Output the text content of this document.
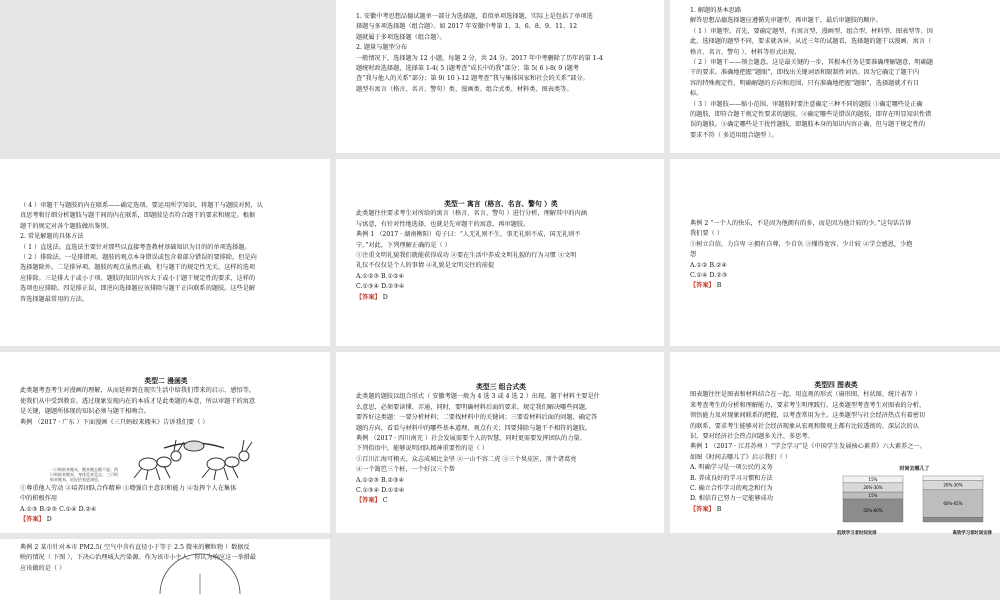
1. 安徽中考思想品德试题单一部分为选择题，看似单项选择题，实际上是包括了单项选

择题与多项选择题（组合题）。如 2017 年安徽中考第 1、3、6、8、9、11、12

题就属于多项选择题（组合题）。

2. 题量与题型分布

一般情况下，选择题为 12 小题，每题 2 分，共 24 分。2017 年中考删除了历年的第 1-4

题统时政选择题，选择第 1-4( 5 )题考查“成长中的我”部分；第 5( 6 )-8( 9 )题考

查“我与他人的关系”部分；第 9( 10 )-12 题考查“我与集体国家和社会的关系”部分。

题型有寓言（格言、名言、警句）类、漫画类、组合式类、材料类、图表类等。

1. 解题的基本思路

解答思想品德选择题应遵循先审题型、再审题干，最后审题肢的顺序。

（ 1 ）审题型。首先，要确定题型，有寓言型、漫画型、组合型、材料型、图表型等。因

此，选择题的题型不同，要求就各异，从近三年的试题看，选择题的题干以漫画、寓言（

格言、名言、警句 ）、材料等形式出现。

（ 2 ）审题干——领会题意。这是最关键的一步，其根本任务是要准确理解题意，明确题

干的要求。准确地把握“题眼”，即找出关键词语和限制性词语。因为它确定了题干内

容的特殊规定性，明确解题的方向和范围，只有准确地把握“题眼”，选择题就才有目

标。

（ 3 ）审题肢——缩小范围。审题肢时要注意确定三种不同的题肢 ①确定哪些是正确

的题肢，即符合题干规定性要求的题肢。②确定哪些是错误的题肢，即存在明显知识性错

误的题肢。③确定哪些是干扰性题肢，即题肢本身的知识内容正确，但与题干规定性的

要求不符（ 多适用组合题型 ）。

（ 4 ）审题干与题肢的内在联系——确定选项。要运用所学知识，将题干与题肢对照，认

真思考和仔细分析题肢与题干间的内在联系，即题肢是否符合题干的要求和规定。根据

题干的规定对各个题肢做出鉴别。

2. 常见解题的具体方法

（ 1 ）直选法。直选法主要针对那些以直接考查教材基础知识为目的的单项选择题。

（ 2 ）排除法。一是排错项。题肢的观点本身错误或包含着部分错误的要排除，但是向

选择题除外。二是排异项。题肢的观点虽然正确，但与题干的规定性无关，这样的选项

应排除。三是排大于或小于项。题肢的知识内容大于或小于题干规定性的要求，这样的

选项也应排除。四是排正误，即逆向选择题应该排除与题干正向联系的题肢。这些是解

答选择题最常用的方法。

类型一 寓言（格言、名言、警句 ）类

此类题往往要求考生对所给的寓言（格言、名言、警句 ）进行分析，理解其中的内涵

与寓意，有针对性地选择，也就是先审题干的寓意，再审题肢。

典例 1 （2017 · 湖南衡阳）荀子曰：“人无礼则不生，事无礼则不成，国无礼则不

宁。”对此，下列理解正确的是（ ）

①注重文明礼貌我们就能获得成功 ②要在生活中养成文明礼貌的行为习惯 ③文明

礼仪不仅仅是个人的事情 ④礼貌是文明交往的前提

A.①②③ B.①②④

C.①③④ D.②③④

【答案】 D

典例 2 “一个人的快乐，不是因为他拥有的多，而是因为他计较的少。”这句话告诉

我们要（ ）

①树立自信，力自卑 ②拥有自尊，少自负 ③懂得宽容，少计较 ④学会感恩，少抱

怨

A.①② B.②④

C.①④ D.②③

【答案】 B

类型二 漫画类

此类题考查考生对漫画的理解，从而延伸到在现实生活中给我们带来的启示、感悟等，

使我们从中受到教育。透过现象发现内在的本质才是此类题的本意，所以审题干的寓意

是关键，题题所体现的知识必须与题干相吻合。

典例 （2017 · 广东 ）下面漫画《三只蚂蚁来搬米》告诉我们要（ ）

一只蚂蚁来搬米，搬来搬去搬不起；两只蚂蚁来搬米，身体晃来晃去；三只蚂蚁来搬米，轻轻抬着进洞里。

①尊重他人劳动 ②培养团队合作精神 ③增强自主意识和能力 ④发挥个人在集体

中的积极作用

A.①③ B.②③ C.①④ D.②④

【答案】 D

类型三 组合式类

此类题的题肢以组合形式（ 安徽考题一般为 4 选 3 或 4 选 2 ）出现。题干材料主要是什

么意思，必须要读懂、弄通，同时，要明确材料后面的要求，规定我们解决哪些问题，

要答好这类题：一要分析材料；二要找材料中的关键词；三要看材料后面的问题，确定答

题的方向，看看与材料中的哪些基本道理、观点有关；四要排除与题干不相符的题肢。

典例 （2017 · 四川南充 ）社会发展需要个人的智慧，同时更需要发挥团队的力量。

下列俗语中，能够说明团队精神重要性的是（ ）

①百川汇海可栩天，众志成城比金坚 ②一山不容二虎 ③三个臭皮匠，顶个诸葛亮

④一个篱笆三个桩，一个好汉三个帮

A.①②③ B.②③④

C.①③④ D.①②④

【答案】 C

类型四 图表类

图表题往往是图表和材料结合在一起，用直观的形式（扇形图、柱状图、统计表等 ）

来考查考生的分析和理解能力，要求考生明理践行。这类题型考查考生对图表的分析、

领悟能力及对现象间联系的把握，以考查常用为主。这类题型与社会经济热点有着密切

的联系，要求考生能够对社会经济现象从宏观和微观上都有比较透彻的、深层次的认

识，要对经济社会热点问题多关注、多思考。

典例 1 （2017 · 江苏苏州 ）“学会学习”是《中国学生发展核心素养》六大素养之一。

如图《时间去哪儿了》启示我们（ ）

A. 明确学习是一项公民的义务

B. 养成良好的学习习惯和方法

C. 确立合作学习的观念和行为

D. 相信自己努力一定能够成功

【答案】 B

时间去哪儿了
15%
20%-30%
15%
50%-60%
20%-30%
60%-65%
低效学习者时间安排	高效学习者时间安排

典例 2 某市针对本市 PM2.5( 空气中含有直径小于等于 2.5 微米的颗粒物 ）数据反

映的情况（ 下图 ），下决心治理城大污染源。作为该市小主人，你认为响应这一举措最

应该做的是（ ）
